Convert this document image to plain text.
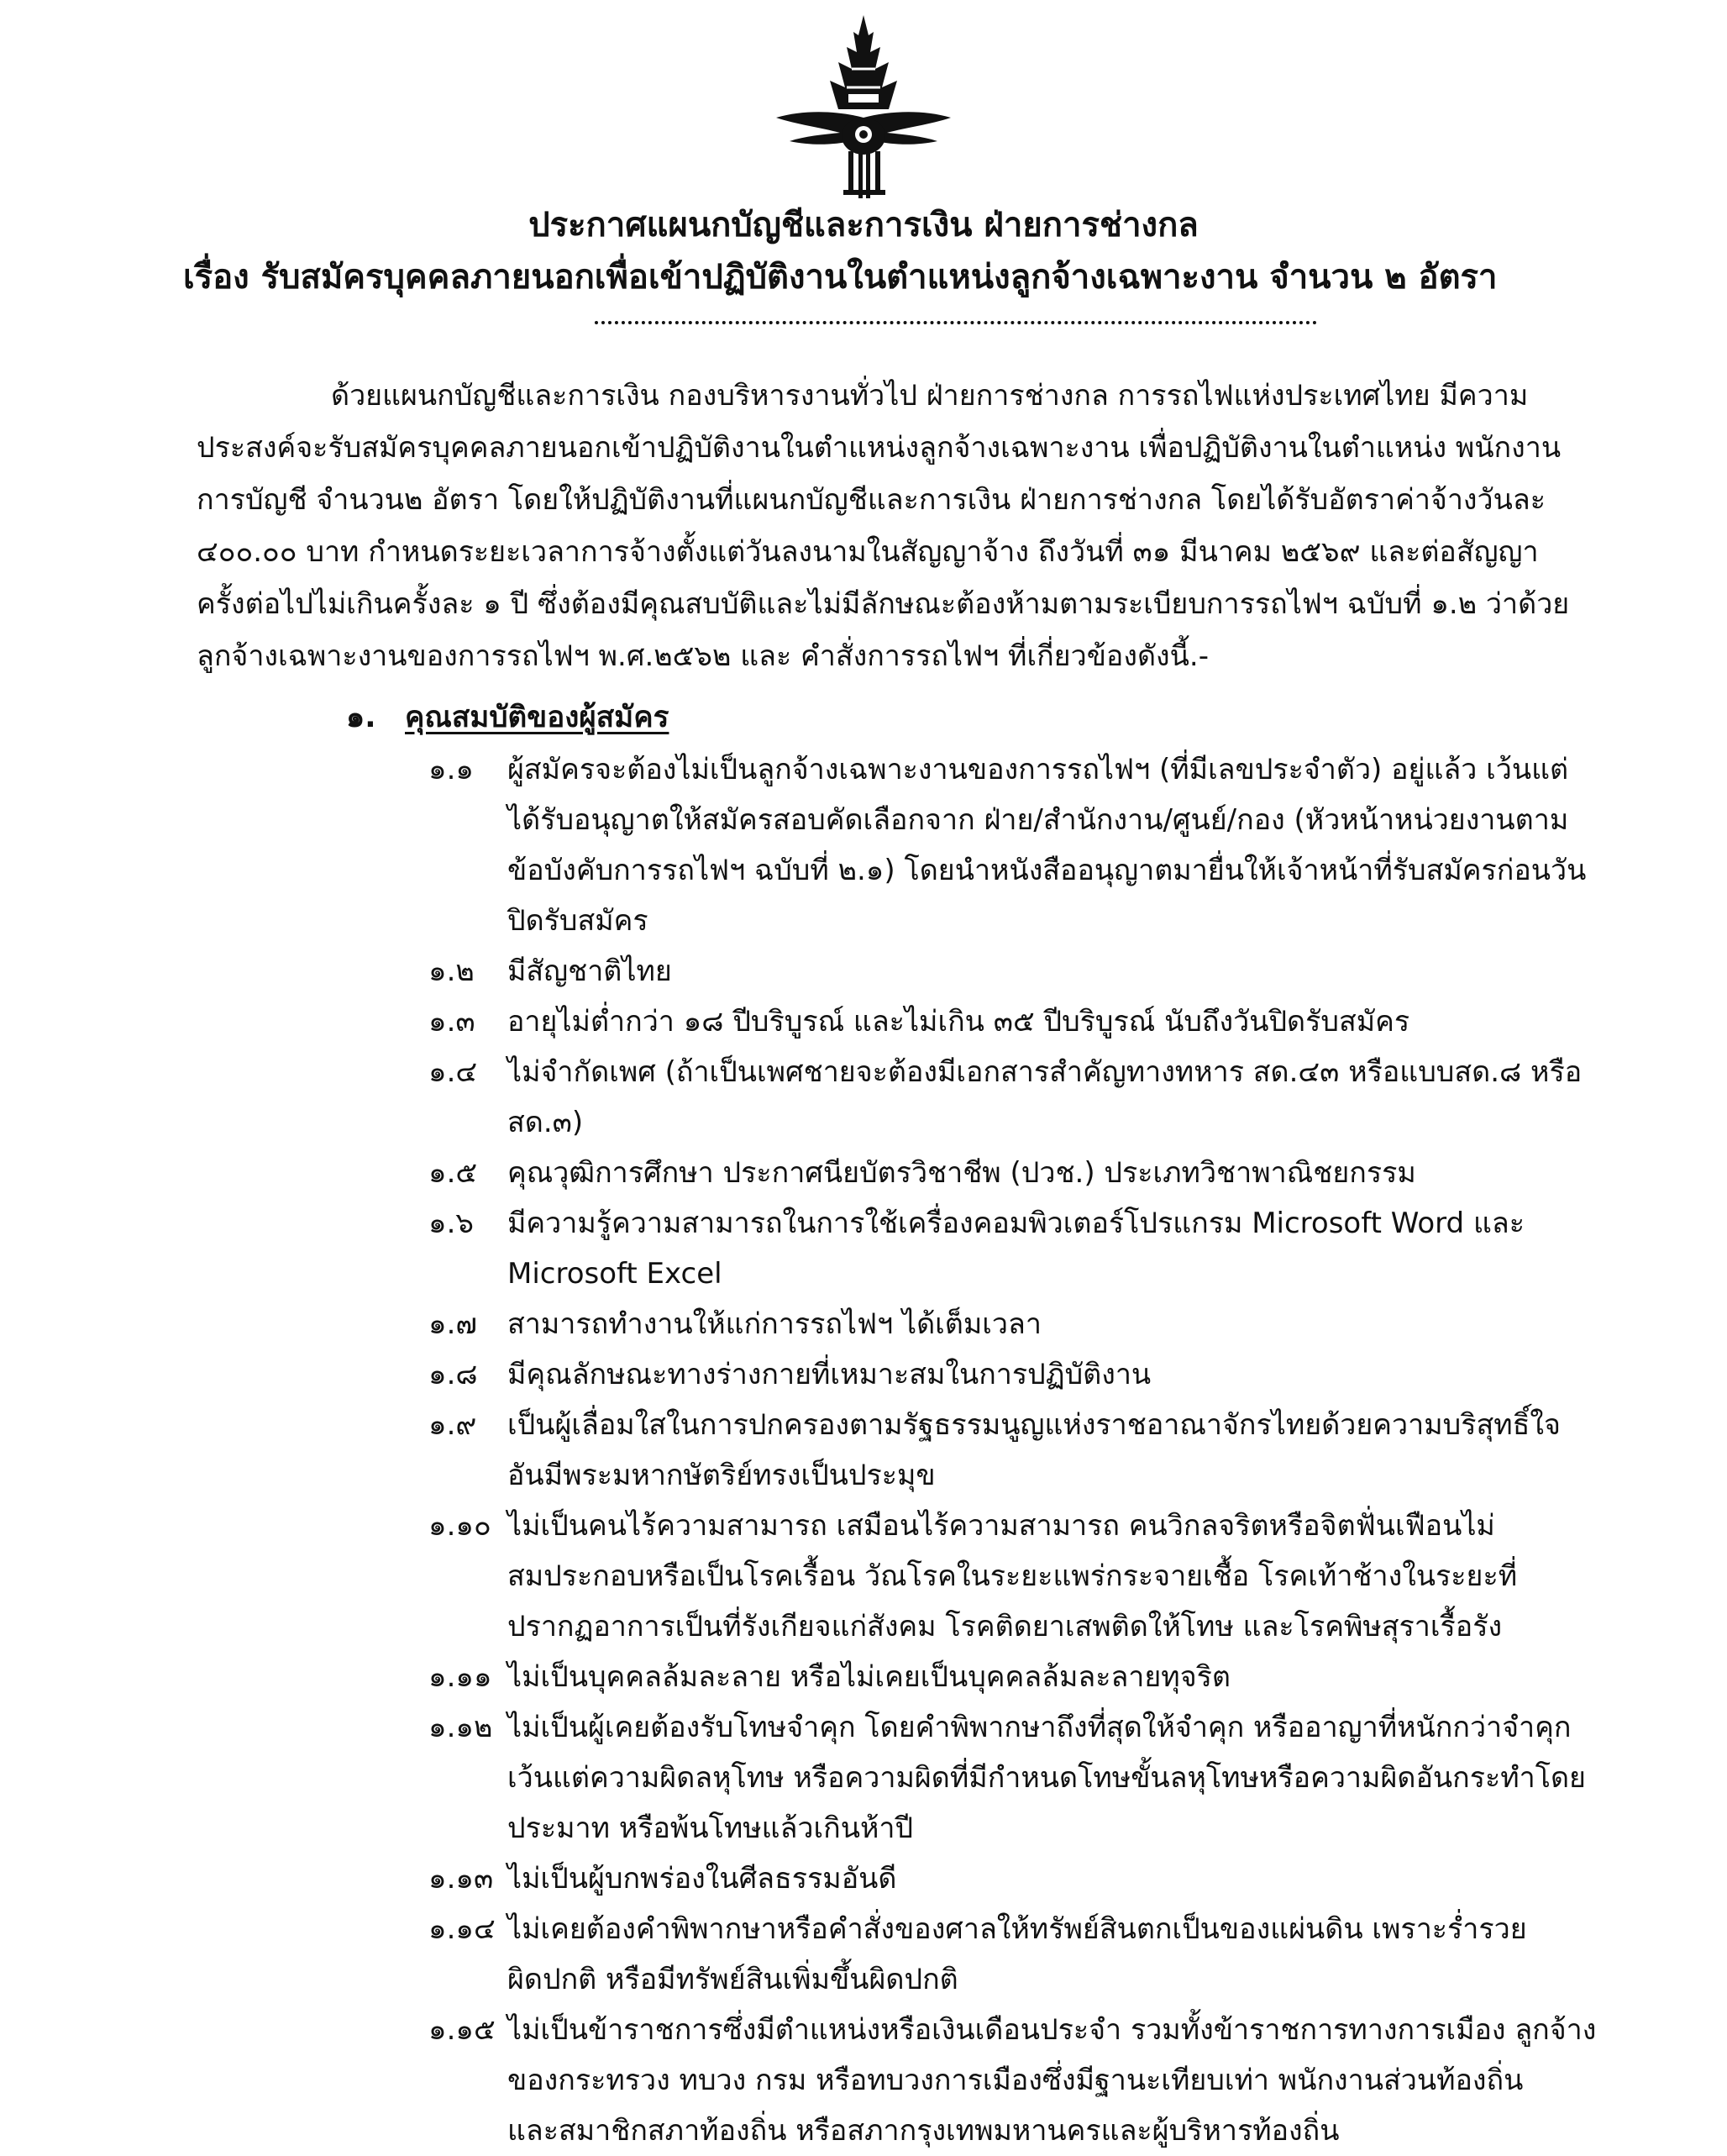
ประกาศแผนกบัญชีและการเงิน ฝ่ายการช่างกล
เรื่อง รับสมัครบุคคลภายนอกเพื่อเข้าปฏิบัติงานในตำแหน่งลูกจ้างเฉพาะงาน จำนวน ๒ อัตรา
ด้วยแผนกบัญชีและการเงิน กองบริหารงานทั่วไป ฝ่ายการช่างกล การรถไฟแห่งประเทศไทย มีความ
ประสงค์จะรับสมัครบุคคลภายนอกเข้าปฏิบัติงานในตำแหน่งลูกจ้างเฉพาะงาน เพื่อปฏิบัติงานในตำแหน่ง พนักงาน
การบัญชี จำนวน๒ อัตรา โดยให้ปฏิบัติงานที่แผนกบัญชีและการเงิน ฝ่ายการช่างกล โดยได้รับอัตราค่าจ้างวันละ
๔๐๐.๐๐ บาท กำหนดระยะเวลาการจ้างตั้งแต่วันลงนามในสัญญาจ้าง ถึงวันที่ ๓๑ มีนาคม ๒๕๖๙ และต่อสัญญา
ครั้งต่อไปไม่เกินครั้งละ ๑ ปี ซึ่งต้องมีคุณสบบัติและไม่มีลักษณะต้องห้ามตามระเบียบการรถไฟฯ ฉบับที่ ๑.๒ ว่าด้วย
ลูกจ้างเฉพาะงานของการรถไฟฯ พ.ศ.๒๕๖๒ และ คำสั่งการรถไฟฯ ที่เกี่ยวข้องดังนี้.-
๑. คุณสมบัติของผู้สมัคร
๑.๑	ผู้สมัครจะต้องไม่เป็นลูกจ้างเฉพาะงานของการรถไฟฯ (ที่มีเลขประจำตัว) อยู่แล้ว เว้นแต่
ได้รับอนุญาตให้สมัครสอบคัดเลือกจาก ฝ่าย/สำนักงาน/ศูนย์/กอง (หัวหน้าหน่วยงานตาม
ข้อบังคับการรถไฟฯ ฉบับที่ ๒.๑) โดยนำหนังสืออนุญาตมายื่นให้เจ้าหน้าที่รับสมัครก่อนวัน
ปิดรับสมัคร
๑.๒	มีสัญชาติไทย
๑.๓	อายุไม่ต่ำกว่า ๑๘ ปีบริบูรณ์ และไม่เกิน ๓๕ ปีบริบูรณ์ นับถึงวันปิดรับสมัคร
๑.๔	ไม่จำกัดเพศ (ถ้าเป็นเพศชายจะต้องมีเอกสารสำคัญทางทหาร สด.๔๓ หรือแบบสด.๘ หรือ
สด.๓)
๑.๕	คุณวุฒิการศึกษา ประกาศนียบัตรวิชาชีพ (ปวช.) ประเภทวิชาพาณิชยกรรม
๑.๖	มีความรู้ความสามารถในการใช้เครื่องคอมพิวเตอร์โปรแกรม Microsoft Word และ
Microsoft Excel
๑.๗	สามารถทำงานให้แก่การรถไฟฯ ได้เต็มเวลา
๑.๘	มีคุณลักษณะทางร่างกายที่เหมาะสมในการปฏิบัติงาน
๑.๙	เป็นผู้เลื่อมใสในการปกครองตามรัฐธรรมนูญแห่งราชอาณาจักรไทยด้วยความบริสุทธิ์ใจ
อันมีพระมหากษัตริย์ทรงเป็นประมุข
๑.๑๐ ไม่เป็นคนไร้ความสามารถ เสมือนไร้ความสามารถ คนวิกลจริตหรือจิตฟั่นเฟือนไม่
สมประกอบหรือเป็นโรคเรื้อน วัณโรคในระยะแพร่กระจายเชื้อ โรคเท้าช้างในระยะที่
ปรากฏอาการเป็นที่รังเกียจแก่สังคม โรคติดยาเสพติดให้โทษ และโรคพิษสุราเรื้อรัง
๑.๑๑ ไม่เป็นบุคคลล้มละลาย หรือไม่เคยเป็นบุคคลล้มละลายทุจริต
๑.๑๒ ไม่เป็นผู้เคยต้องรับโทษจำคุก โดยคำพิพากษาถึงที่สุดให้จำคุก หรืออาญาที่หนักกว่าจำคุก
เว้นแต่ความผิดลหุโทษ หรือความผิดที่มีกำหนดโทษขั้นลหุโทษหรือความผิดอันกระทำโดย
ประมาท หรือพ้นโทษแล้วเกินห้าปี
๑.๑๓ ไม่เป็นผู้บกพร่องในศีลธรรมอันดี
๑.๑๔ ไม่เคยต้องคำพิพากษาหรือคำสั่งของศาลให้ทรัพย์สินตกเป็นของแผ่นดิน เพราะร่ำรวย
ผิดปกติ หรือมีทรัพย์สินเพิ่มขึ้นผิดปกติ
๑.๑๕ ไม่เป็นข้าราชการซึ่งมีตำแหน่งหรือเงินเดือนประจำ รวมทั้งข้าราชการทางการเมือง ลูกจ้าง
ของกระทรวง ทบวง กรม หรือทบวงการเมืองซึ่งมีฐานะเทียบเท่า พนักงานส่วนท้องถิ่น
และสมาชิกสภาท้องถิ่น หรือสภากรุงเทพมหานครและผู้บริหารท้องถิ่น
